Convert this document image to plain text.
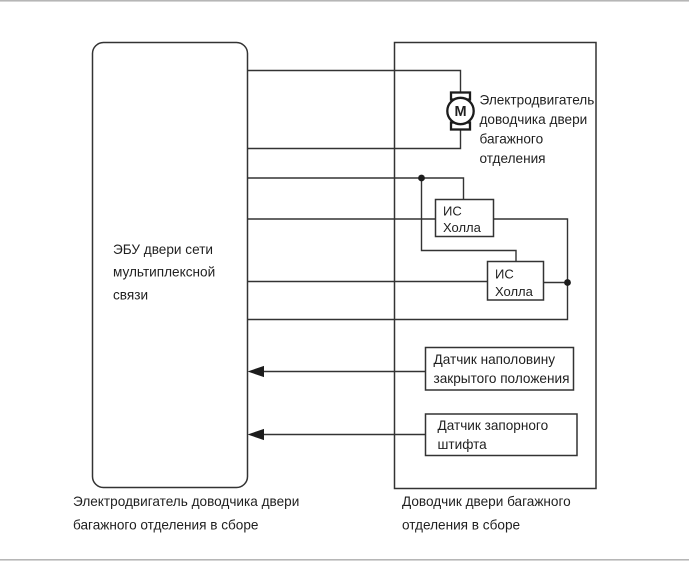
ЭБУ двери сети
мультиплексной
связи
M
Электродвигатель
доводчика двери
багажного
отделения
ИС
Холла
ИС
Холла
Датчик наполовину
закрытого положения
Датчик запорного
штифта
Электродвигатель доводчика двери
багажного отделения в сборе
Доводчик двери багажного
отделения в сборе
